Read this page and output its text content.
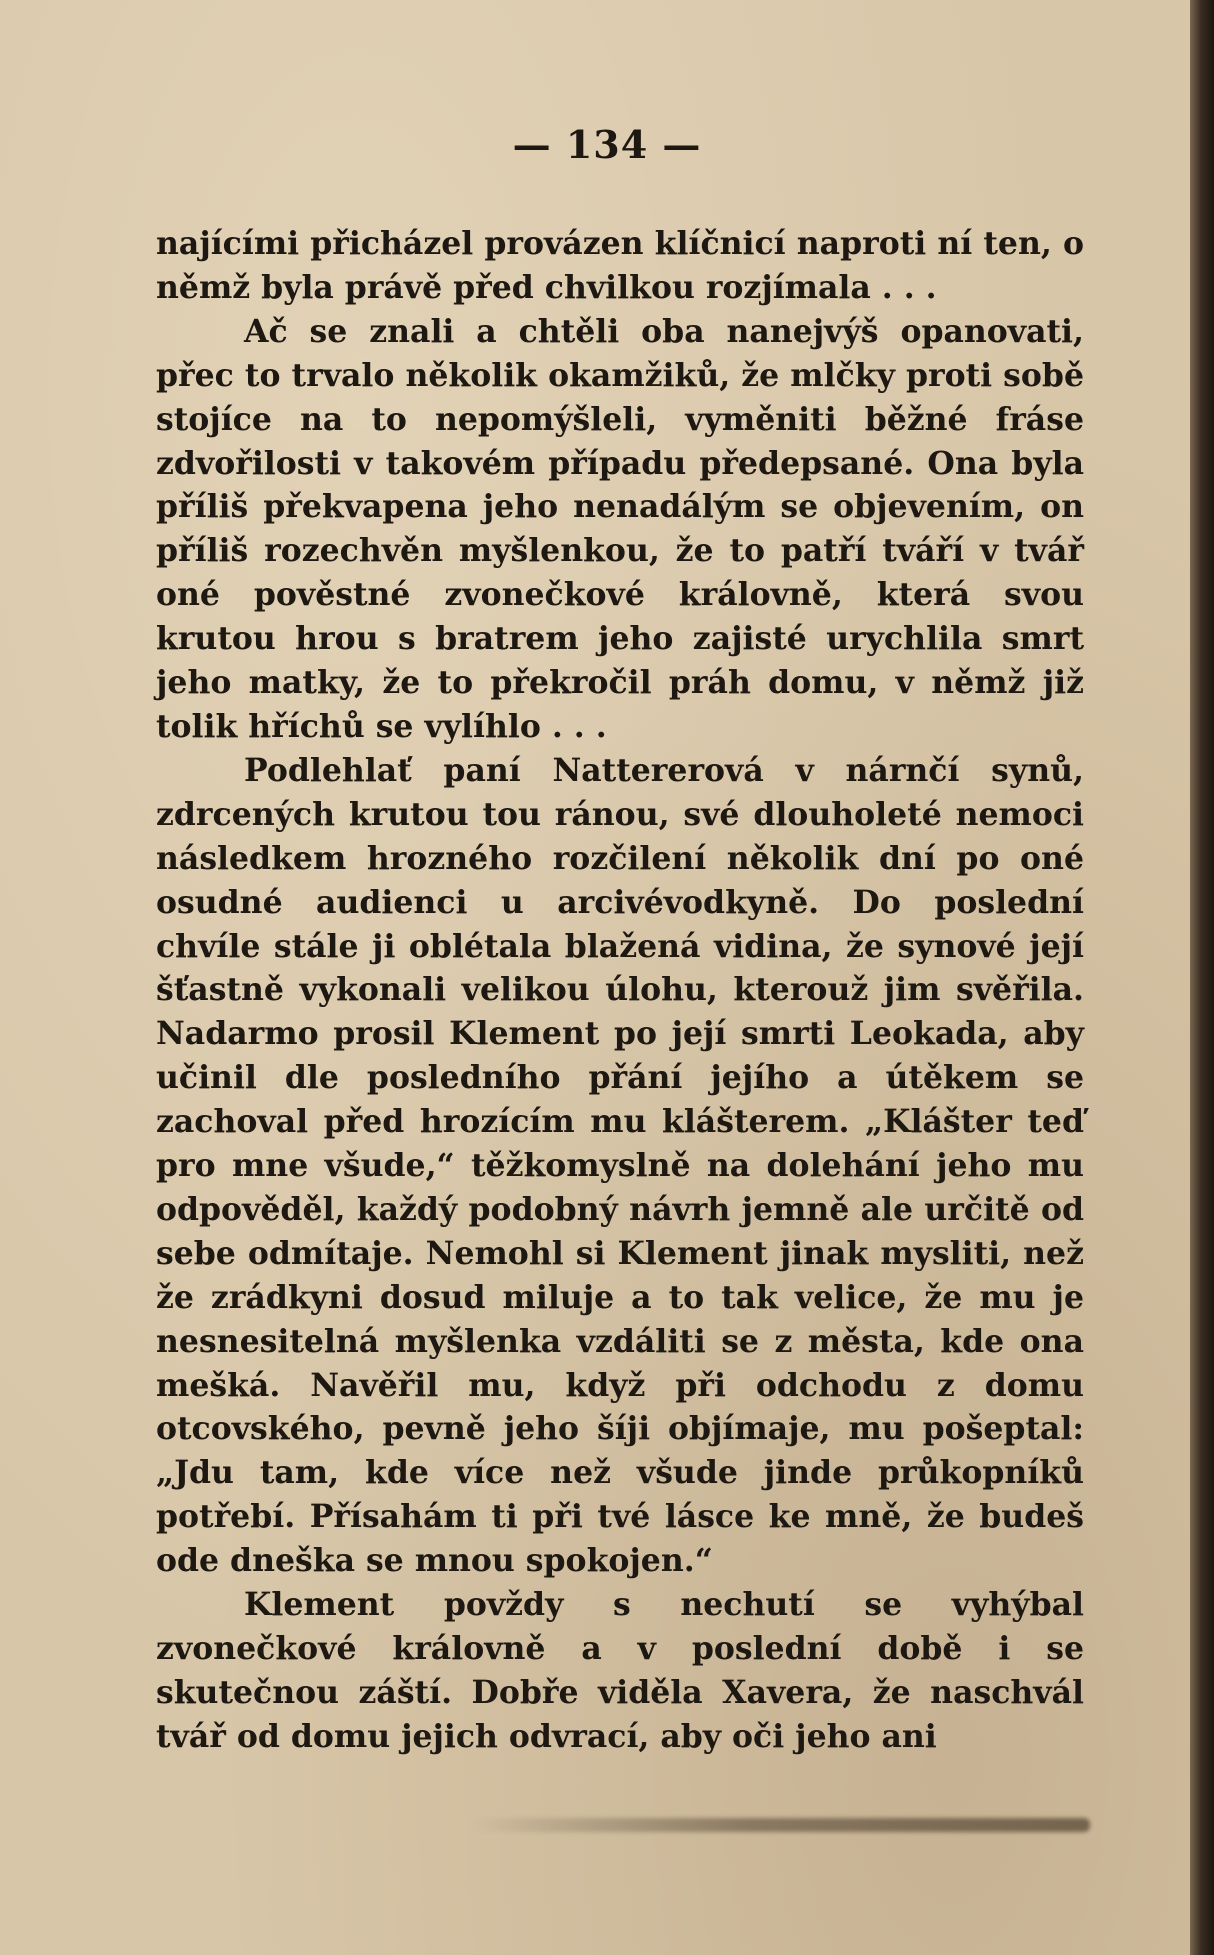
— 134 —

najícími přicházel provázen klíčnicí naproti ní ten, o němž byla právě před chvilkou rozjímala . . .

Ač se znali a chtěli oba nanejvýš opanovati, přec to trvalo několik okamžiků, že mlčky proti sobě stojíce na to nepomýšleli, vyměniti běžné fráse zdvořilosti v takovém případu předepsané. Ona byla příliš překvapena jeho nenadálým se objevením, on příliš rozechvěn myšlenkou, že to patří tváří v tvář oné pověstné zvonečkové královně, která svou krutou hrou s bratrem jeho zajisté urychlila smrt jeho matky, že to překročil práh domu, v němž již tolik hříchů se vylíhlo . . .

Podlehlať paní Nattererová v nárnčí synů, zdrcených krutou tou ránou, své dlouholeté nemoci následkem hrozného rozčilení několik dní po oné osudné audienci u arcivévodkyně. Do poslední chvíle stále ji oblétala blažená vidina, že synové její šťastně vykonali velikou úlohu, kterouž jim svěřila. Nadarmo prosil Klement po její smrti Leokada, aby učinil dle posledního přání jejího a útěkem se zachoval před hrozícím mu klášterem. „Klášter teď pro mne všude,“ těžkomyslně na dolehání jeho mu odpověděl, každý podobný návrh jemně ale určitě od sebe odmítaje. Nemohl si Klement jinak mysliti, než že zrádkyni dosud miluje a to tak velice, že mu je nesnesitelná myšlenka vzdáliti se z města, kde ona mešká. Navěřil mu, když při odchodu z domu otcovského, pevně jeho šíji objímaje, mu pošeptal: „Jdu tam, kde více než všude jinde průkopníků potřebí. Přísahám ti při tvé lásce ke mně, že budeš ode dneška se mnou spokojen.“

Klement povždy s nechutí se vyhýbal zvonečkové královně a v poslední době i se skutečnou záští. Dobře viděla Xavera, že naschvál tvář od domu jejich odvrací, aby oči jeho ani
